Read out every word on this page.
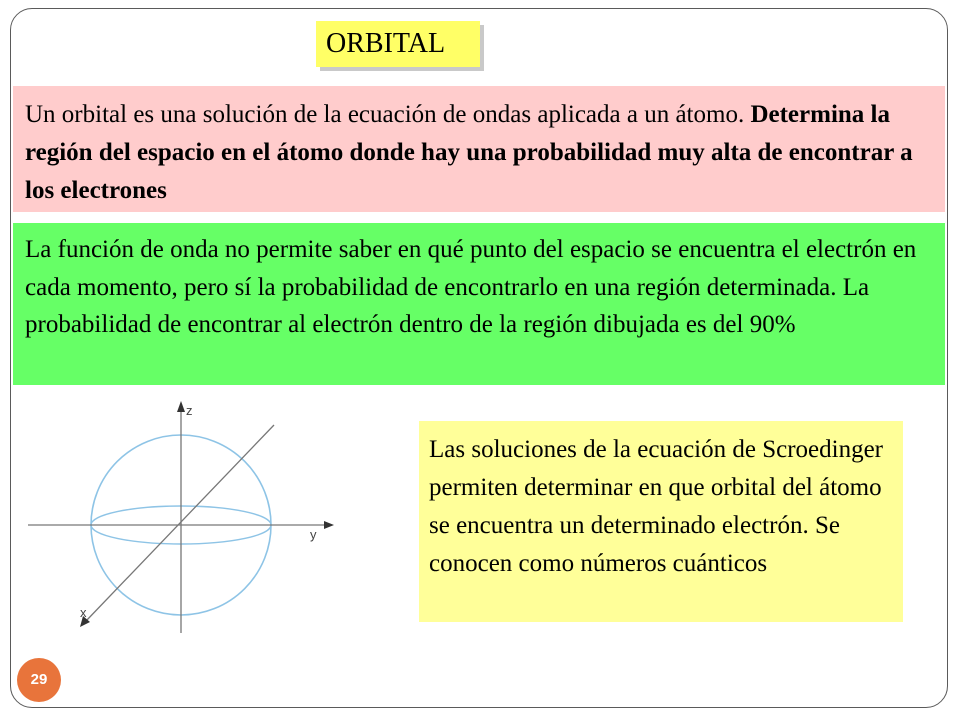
ORBITAL
Un orbital es una solución de la ecuación de ondas aplicada a un átomo. Determina la región del espacio en el átomo donde hay una probabilidad muy alta de encontrar a los electrones
La función de onda no permite saber en qué punto del espacio se encuentra el electrón en cada momento, pero sí la probabilidad de encontrarlo en una región determinada. La probabilidad de encontrar al electrón dentro de la región dibujada es del 90%
z
y
x
Las soluciones de la ecuación de Scroedinger permiten determinar en que orbital del átomo se encuentra un determinado electrón. Se conocen como números cuánticos
29
